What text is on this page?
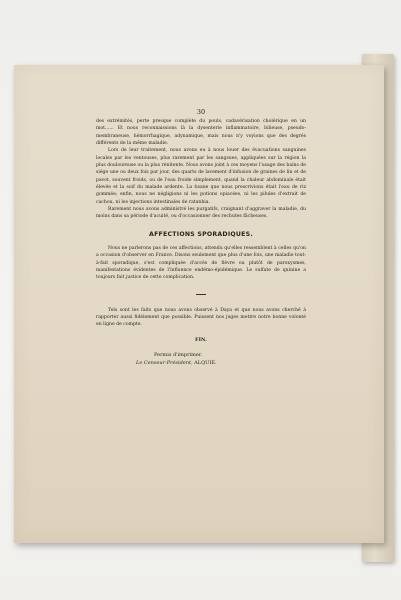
30

des extrémités, perte presque complète du pouls, cadavérisation cholérique en un mot...... Et nous reconnaissions là la dysenterie inflammatoire, bilieuse, pseudo-membraneuse, hémorrhagique, adynamique, mais nous n'y voyions que des degrés différents de la même maladie.

Lors de leur traitement, nous avons eu à nous louer des évacuations sanguines locales par les ventouses, plus rarement par les sangsues, appliquées sur la région la plus douloureuse ou la plus rénitente. Nous avons joint à ces moyens l'usage des bains de siége une ou deux fois par jour, des quarts de lavement d'infusion de graines de lin et de pavot, souvent froids, ou de l'eau froide simplement, quand la chaleur abdominale était élevée et la soif du malade ardente. La tisane que nous prescrivions était l'eau de riz gommée; enfin, nous ne négligions ni les potions opiacées, ni les pilules d'extrait de cachou, ni les injections intestinales de ratanhia.

Rarement nous avons administré les purgatifs, craignant d'aggraver la maladie, du moins dans sa période d'acuité, ou d'occasionner des rechutes fâcheuses.

AFFECTIONS SPORADIQUES.

Nous ne parlerons pas de ces affections, attendu qu'elles ressemblent à celles qu'on a occasion d'observer en France. Disons seulement que plus d'une fois, une maladie tout-à-fait sporadique, s'est compliquée d'accès de fièvre ou plutôt de paroxysmes, manifestations évidentes de l'influence endémo-épidémique. Le sulfate de quinine a toujours fait justice de cette complication.

Tels sont les faits que nous avons observé à Daya et que nous avons cherché à rapporter aussi fidèlement que possible. Puissent nos juges mettre notre bonne volonté en ligne de compte.

FIN.
Permis d'imprimer.
Le Censeur-Président, ALQUIÉ.
